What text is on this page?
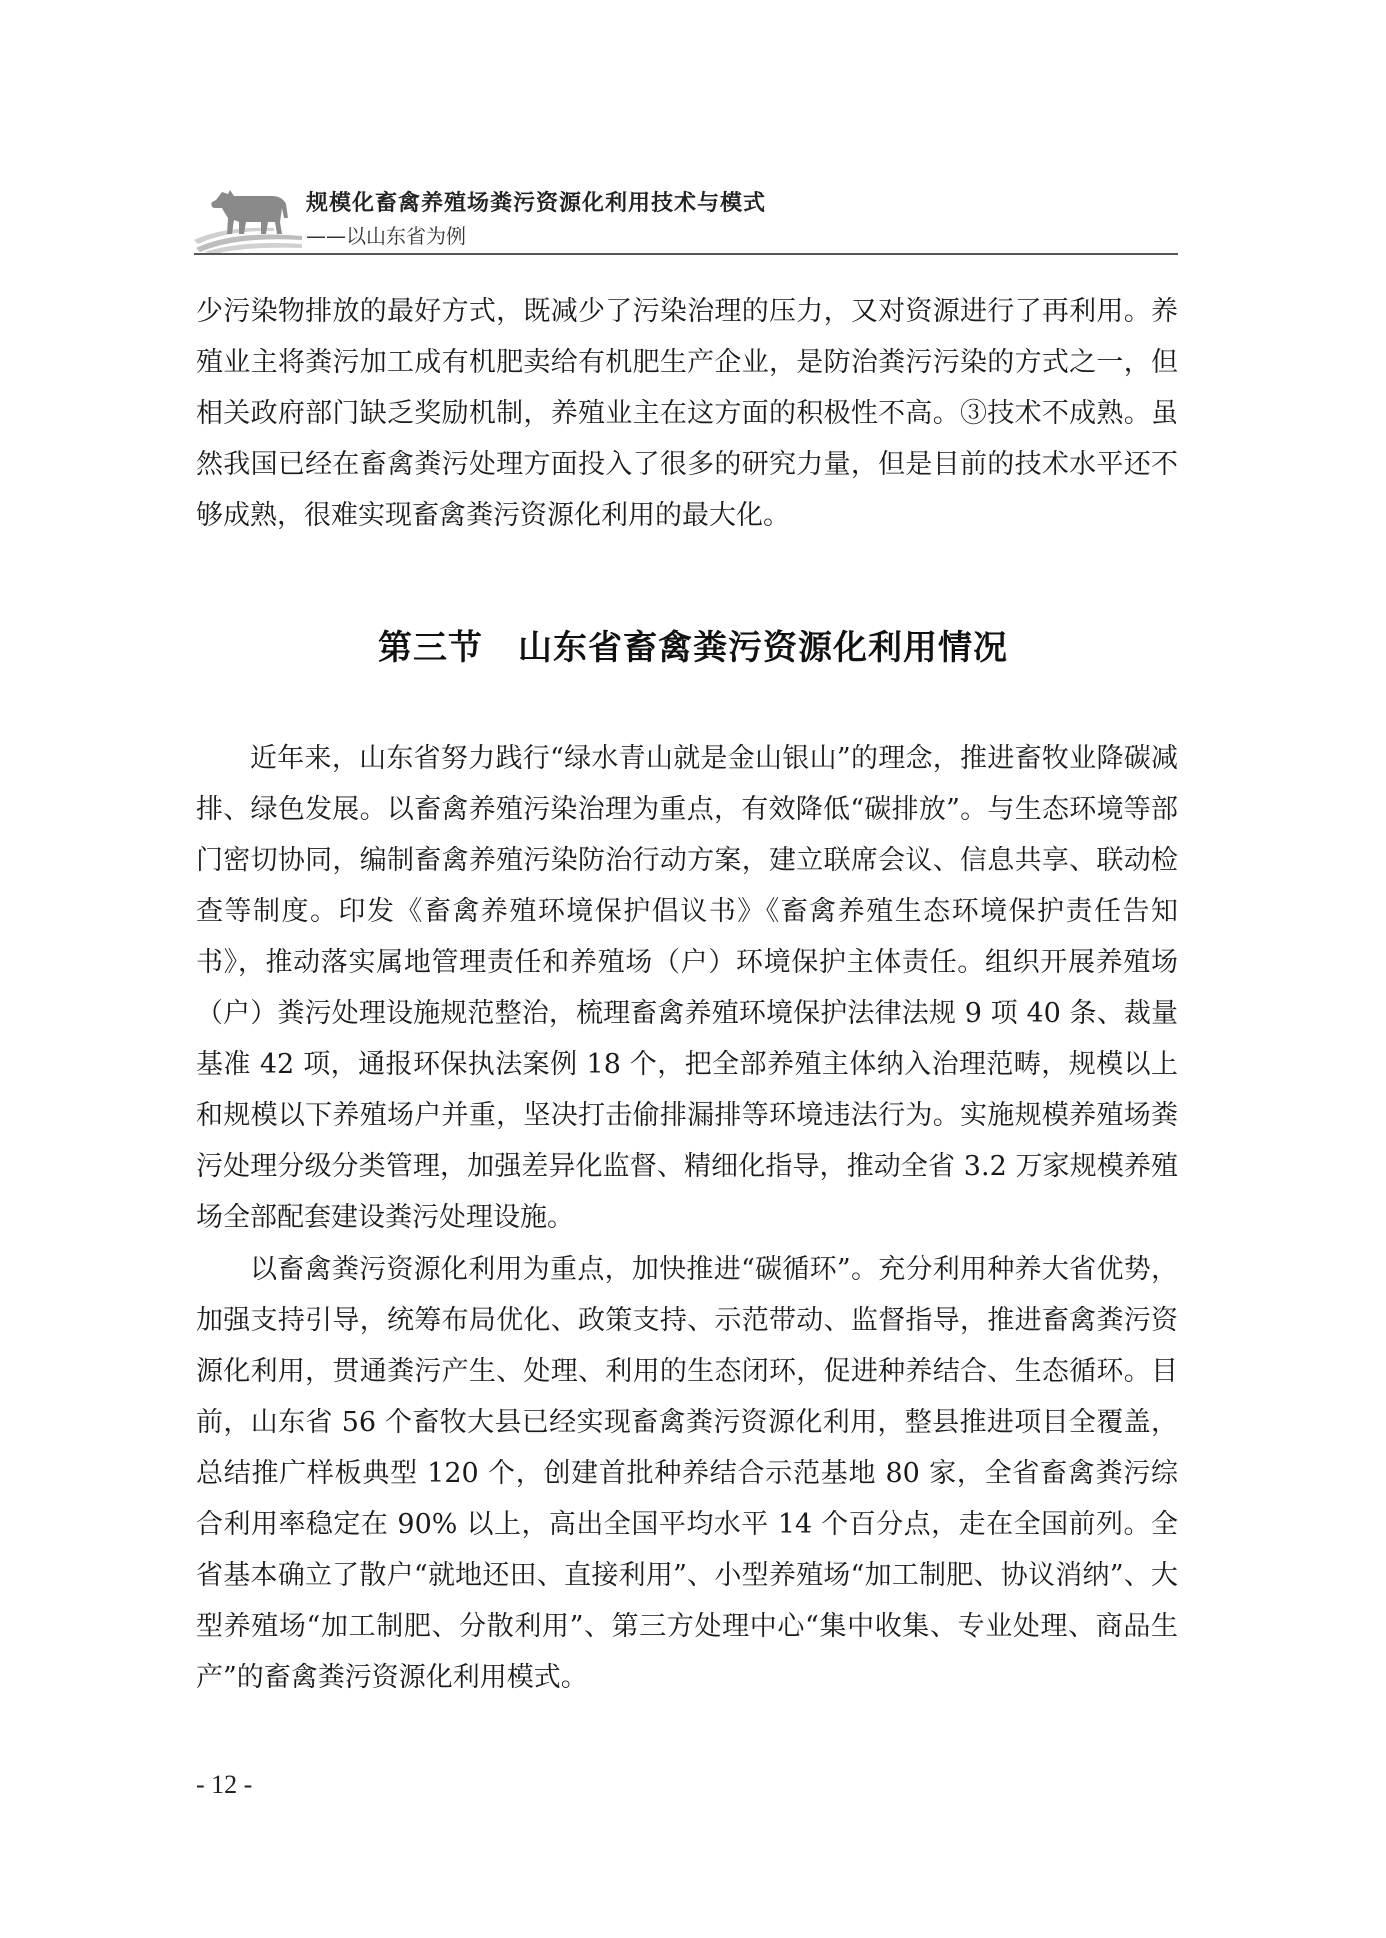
规模化畜禽养殖场粪污资源化利用技术与模式
——以山东省为例

少污染物排放的最好方式，既减少了污染治理的压力，又对资源进行了再利用。养殖业主将粪污加工成有机肥卖给有机肥生产企业，是防治粪污污染的方式之一，但相关政府部门缺乏奖励机制，养殖业主在这方面的积极性不高。③技术不成熟。虽然我国已经在畜禽粪污处理方面投入了很多的研究力量，但是目前的技术水平还不够成熟，很难实现畜禽粪污资源化利用的最大化。

第三节　山东省畜禽粪污资源化利用情况

近年来，山东省努力践行“绿水青山就是金山银山”的理念，推进畜牧业降碳减排、绿色发展。以畜禽养殖污染治理为重点，有效降低“碳排放”。与生态环境等部门密切协同，编制畜禽养殖污染防治行动方案，建立联席会议、信息共享、联动检查等制度。印发《畜禽养殖环境保护倡议书》《畜禽养殖生态环境保护责任告知书》，推动落实属地管理责任和养殖场（户）环境保护主体责任。组织开展养殖场（户）粪污处理设施规范整治，梳理畜禽养殖环境保护法律法规 9 项 40 条、裁量基准 42 项，通报环保执法案例 18 个，把全部养殖主体纳入治理范畴，规模以上和规模以下养殖场户并重，坚决打击偷排漏排等环境违法行为。实施规模养殖场粪污处理分级分类管理，加强差异化监督、精细化指导，推动全省 3.2 万家规模养殖场全部配套建设粪污处理设施。

以畜禽粪污资源化利用为重点，加快推进“碳循环”。充分利用种养大省优势，加强支持引导，统筹布局优化、政策支持、示范带动、监督指导，推进畜禽粪污资源化利用，贯通粪污产生、处理、利用的生态闭环，促进种养结合、生态循环。目前，山东省 56 个畜牧大县已经实现畜禽粪污资源化利用，整县推进项目全覆盖，总结推广样板典型 120 个，创建首批种养结合示范基地 80 家，全省畜禽粪污综合利用率稳定在 90% 以上，高出全国平均水平 14 个百分点，走在全国前列。全省基本确立了散户“就地还田、直接利用”、小型养殖场“加工制肥、协议消纳”、大型养殖场“加工制肥、分散利用”、第三方处理中心“集中收集、专业处理、商品生产”的畜禽粪污资源化利用模式。

- 12 -
